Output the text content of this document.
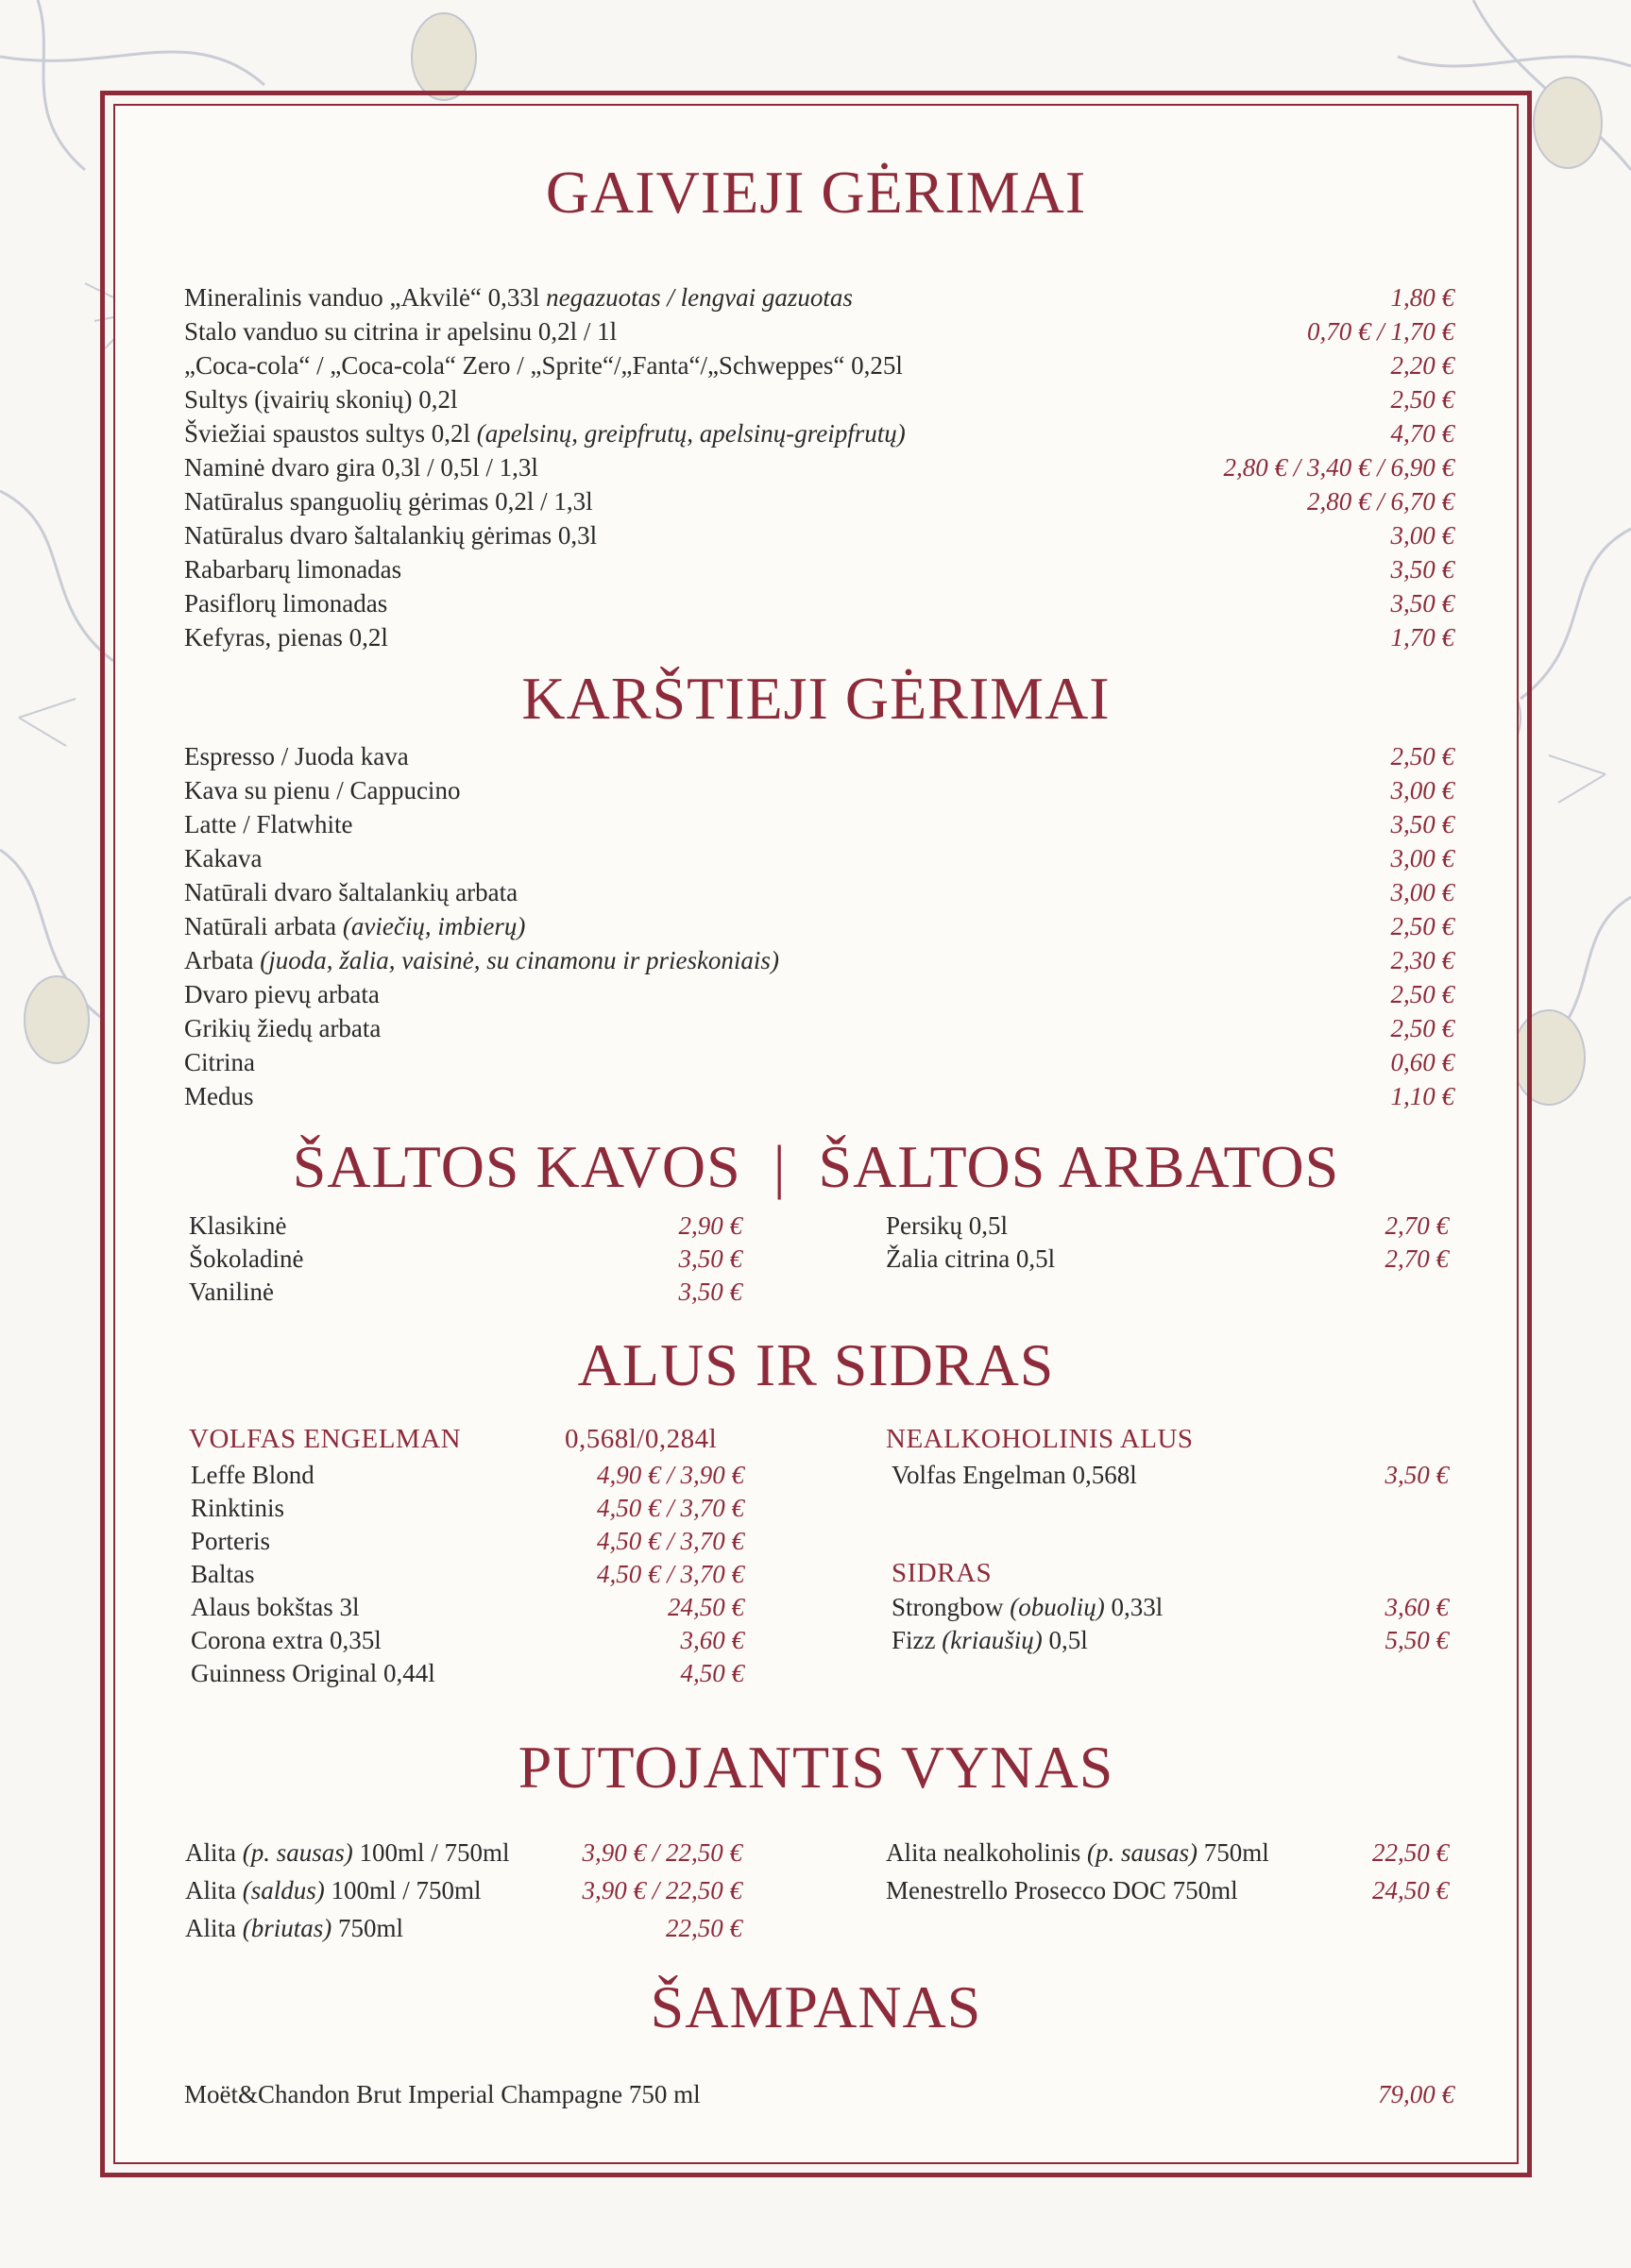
GAIVIEJI GĖRIMAI
Mineralinis vanduo „Akvilė“ 0,33l negazuotas / lengvai gazuotas	1,80 €
Stalo vanduo su citrina ir apelsinu 0,2l / 1l	0,70 € / 1,70 €
„Coca-cola“ / „Coca-cola“ Zero / „Sprite“/„Fanta“/„Schweppes“ 0,25l	2,20 €
Sultys (įvairių skonių) 0,2l	2,50 €
Šviežiai spaustos sultys 0,2l (apelsinų, greipfrutų, apelsinų-greipfrutų)	4,70 €
Naminė dvaro gira 0,3l / 0,5l / 1,3l	2,80 € / 3,40 € / 6,90 €
Natūralus spanguolių gėrimas 0,2l / 1,3l	2,80 € / 6,70 €
Natūralus dvaro šaltalankių gėrimas 0,3l	3,00 €
Rabarbarų limonadas	3,50 €
Pasiflorų limonadas	3,50 €
Kefyras, pienas 0,2l	1,70 €
KARŠTIEJI GĖRIMAI
Espresso / Juoda kava	2,50 €
Kava su pienu / Cappucino	3,00 €
Latte / Flatwhite	3,50 €
Kakava	3,00 €
Natūrali dvaro šaltalankių arbata	3,00 €
Natūrali arbata (aviečių, imbierų)	2,50 €
Arbata (juoda, žalia, vaisinė, su cinamonu ir prieskoniais)	2,30 €
Dvaro pievų arbata	2,50 €
Grikių žiedų arbata	2,50 €
Citrina	0,60 €
Medus	1,10 €
ŠALTOS KAVOS  |  ŠALTOS ARBATOS
Klasikinė	2,90 €
Šokoladinė	3,50 €
Vanilinė	3,50 €
Persikų 0,5l	2,70 €
Žalia citrina 0,5l	2,70 €
ALUS IR SIDRAS
VOLFAS ENGELMAN	0,568l/0,284l	NEALKOHOLINIS ALUS
SIDRAS
Leffe Blond	4,90 € / 3,90 €
Rinktinis	4,50 € / 3,70 €
Porteris	4,50 € / 3,70 €
Baltas	4,50 € / 3,70 €
Alaus bokštas 3l	24,50 €
Corona extra 0,35l	3,60 €
Guinness Original 0,44l	4,50 €
Volfas Engelman 0,568l	3,50 €
Strongbow (obuolių) 0,33l	3,60 €
Fizz (kriaušių) 0,5l	5,50 €
PUTOJANTIS VYNAS
Alita (p. sausas) 100ml / 750ml	3,90 € / 22,50 €
Alita (saldus) 100ml / 750ml	3,90 € / 22,50 €
Alita (briutas) 750ml	22,50 €
Alita nealkoholinis (p. sausas) 750ml	22,50 €
Menestrello Prosecco DOC 750ml	24,50 €
ŠAMPANAS
Moët&Chandon Brut Imperial Champagne 750 ml	79,00 €
